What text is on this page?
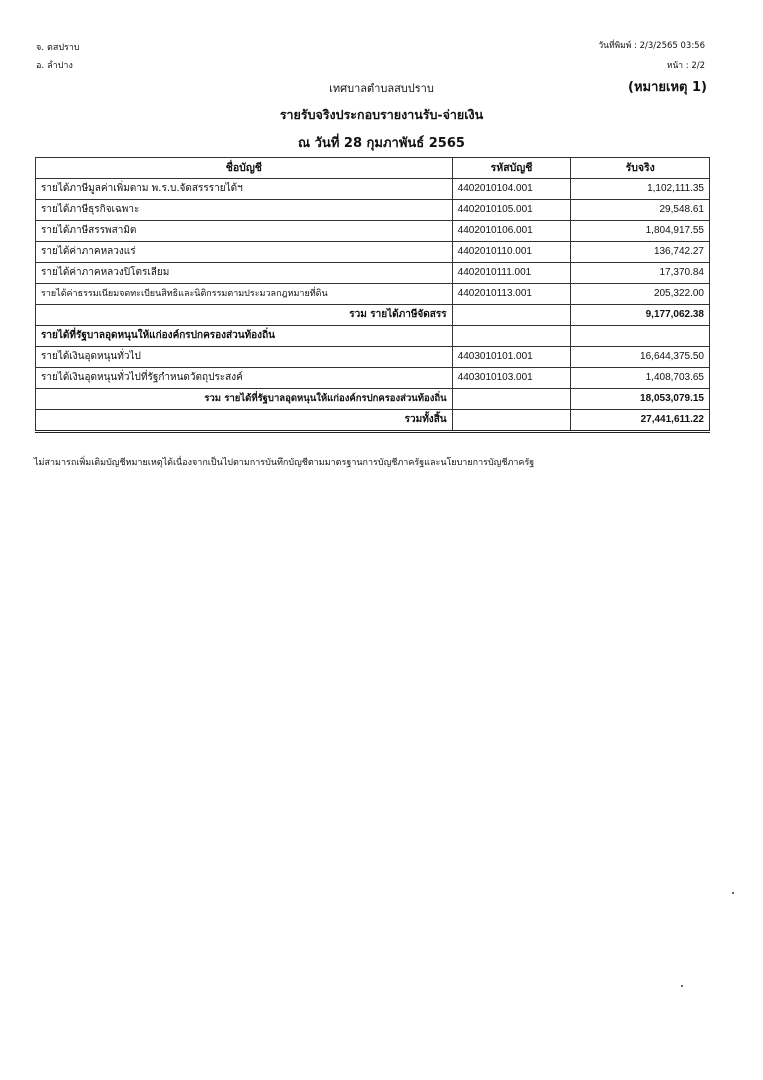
จ. ตสปราบ
อ. ลำปาง
วันที่พิมพ์ : 2/3/2565 03:56
หน้า : 2/2
เทศบาลตำบลสบปราบ	(หมายเหตุ 1)
รายรับจริงประกอบรายงานรับ-จ่ายเงิน
ณ วันที่ 28 กุมภาพันธ์ 2565
ชื่อบัญชี	รหัสบัญชี	รับจริง
รายได้ภาษีมูลค่าเพิ่มตาม พ.ร.บ.จัดสรรรายได้ฯ	4402010104.001	1,102,111.35
รายได้ภาษีธุรกิจเฉพาะ	4402010105.001	29,548.61
รายได้ภาษีสรรพสามิต	4402010106.001	1,804,917.55
รายได้ค่าภาคหลวงแร่	4402010110.001	136,742.27
รายได้ค่าภาคหลวงปิโตรเลียม	4402010111.001	17,370.84
รายได้ค่าธรรมเนียมจดทะเบียนสิทธิและนิติกรรมตามประมวลกฎหมายที่ดิน	4402010113.001	205,322.00
รวม รายได้ภาษีจัดสรร		9,177,062.38
รายได้ที่รัฐบาลอุดหนุนให้แก่องค์กรปกครองส่วนท้องถิ่น		
รายได้เงินอุดหนุนทั่วไป	4403010101.001	16,644,375.50
รายได้เงินอุดหนุนทั่วไปที่รัฐกำหนดวัตถุประสงค์	4403010103.001	1,408,703.65
รวม รายได้ที่รัฐบาลอุดหนุนให้แก่องค์กรปกครองส่วนท้องถิ่น		18,053,079.15
รวมทั้งสิ้น		27,441,611.22
ไม่สามารถเพิ่มเติมบัญชีหมายเหตุได้เนื่องจากเป็นไปตามการบันทึกบัญชีตามมาตรฐานการบัญชีภาครัฐและนโยบายการบัญชีภาครัฐ
